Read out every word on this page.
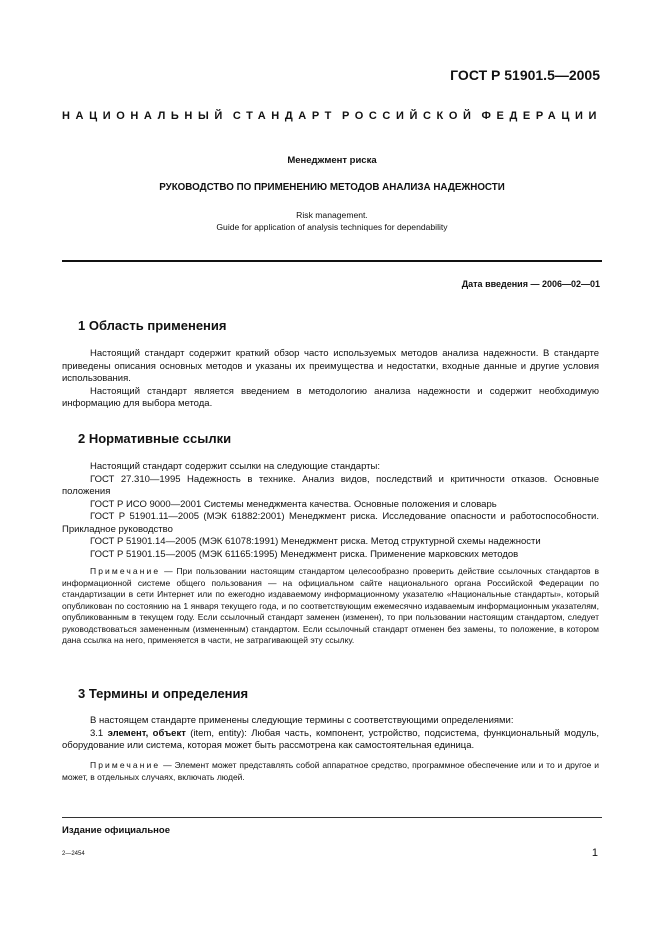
ГОСТ Р 51901.5—2005
НАЦИОНАЛЬНЫЙ СТАНДАРТ РОССИЙСКОЙ ФЕДЕРАЦИИ
Менеджмент риска
РУКОВОДСТВО ПО ПРИМЕНЕНИЮ МЕТОДОВ АНАЛИЗА НАДЕЖНОСТИ
Risk management.
Guide for application of analysis techniques for dependability
Дата введения — 2006—02—01
1 Область применения

Настоящий стандарт содержит краткий обзор часто используемых методов анализа надежности. В стандарте приведены описания основных методов и указаны их преимущества и недостатки, входные данные и другие условия использования.

Настоящий стандарт является введением в методологию анализа надежности и содержит необходимую информацию для выбора метода.

2 Нормативные ссылки

Настоящий стандарт содержит ссылки на следующие стандарты:

ГОСТ 27.310—1995 Надежность в технике. Анализ видов, последствий и критичности отказов. Основные положения

ГОСТ Р ИСО 9000—2001 Системы менеджмента качества. Основные положения и словарь

ГОСТ Р 51901.11—2005 (МЭК 61882:2001) Менеджмент риска. Исследование опасности и работоспособности. Прикладное руководство

ГОСТ Р 51901.14—2005 (МЭК 61078:1991) Менеджмент риска. Метод структурной схемы надежности

ГОСТ Р 51901.15—2005 (МЭК 61165:1995) Менеджмент риска. Применение марковских методов

Примечание — При пользовании настоящим стандартом целесообразно проверить действие ссылочных стандартов в информационной системе общего пользования — на официальном сайте национального органа Российской Федерации по стандартизации в сети Интернет или по ежегодно издаваемому информационному указателю «Национальные стандарты», который опубликован по состоянию на 1 января текущего года, и по соответствующим ежемесячно издаваемым информационным указателям, опубликованным в текущем году. Если ссылочный стандарт заменен (изменен), то при пользовании настоящим стандартом, следует руководствоваться замененным (измененным) стандартом. Если ссылочный стандарт отменен без замены, то положение, в котором дана ссылка на него, применяется в части, не затрагивающей эту ссылку.

3 Термины и определения

В настоящем стандарте применены следующие термины с соответствующими определениями:

3.1 элемент, объект (item, entity): Любая часть, компонент, устройство, подсистема, функциональный модуль, оборудование или система, которая может быть рассмотрена как самостоятельная единица.

Примечание — Элемент может представлять собой аппаратное средство, программное обеспечение или и то и другое и может, в отдельных случаях, включать людей.

Издание официальное
2—2454	1
